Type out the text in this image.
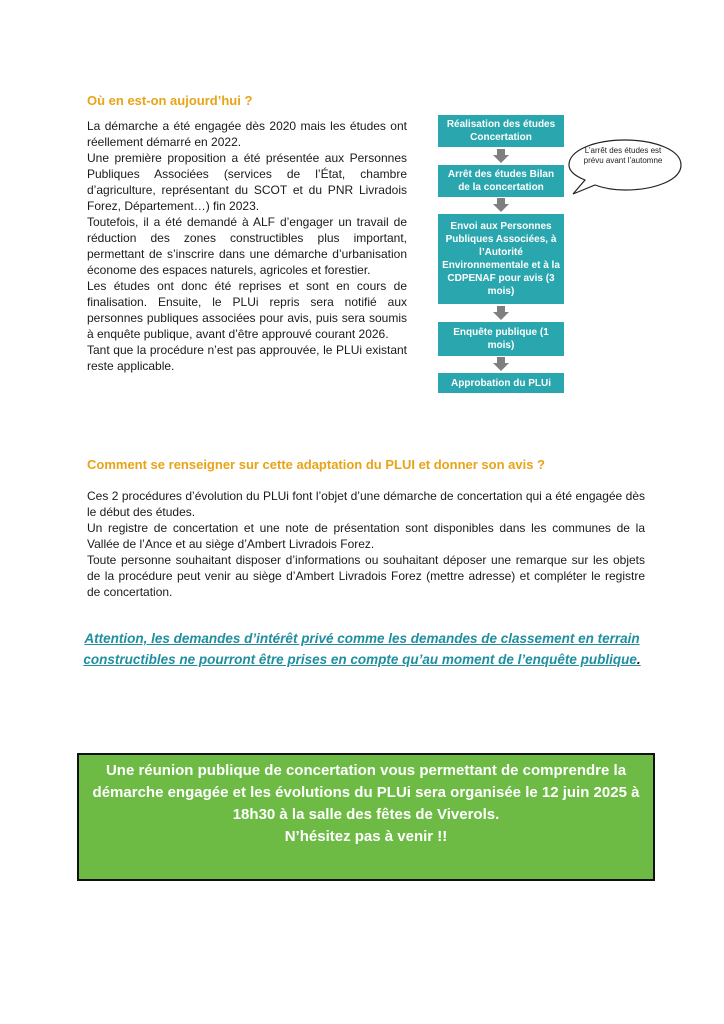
Où en est-on aujourd’hui ?

La démarche a été engagée dès 2020 mais les études ont réellement démarré en 2022.

Une première proposition a été présentée aux Personnes Publiques Associées (services de l’État, chambre d’agriculture, représentant du SCOT et du PNR Livradois Forez, Département…) fin 2023.

Toutefois, il a été demandé à ALF d’engager un travail de réduction des zones constructibles plus important, permettant de s’inscrire dans une démarche d’urbanisation économe des espaces naturels, agricoles et forestier.

Les études ont donc été reprises et sont en cours de finalisation. Ensuite, le PLUi repris sera notifié aux personnes publiques associées pour avis, puis sera soumis à enquête publique, avant d’être approuvé courant 2026.

Tant que la procédure n’est pas approuvée, le PLUi existant reste applicable.

Réalisation des études Concertation
Arrêt des études Bilan de la concertation
Envoi aux Personnes Publiques Associées, à l’Autorité Environnementale et à la CDPENAF pour avis (3 mois)
Enquête publique (1 mois)
Approbation du PLUi
L’arrêt des études est prévu avant l’automne
Comment se renseigner sur cette adaptation du PLUI et donner son avis ?

Ces 2 procédures d’évolution du PLUi font l’objet d’une démarche de concertation qui a été engagée dès le début des études.

Un registre de concertation et une note de présentation sont disponibles dans les communes de la Vallée de l’Ance et au siège d’Ambert Livradois Forez.

Toute personne souhaitant disposer d’informations ou souhaitant déposer une remarque sur les objets de la procédure peut venir au siège d’Ambert Livradois Forez (mettre adresse) et compléter le registre de concertation.

Attention, les demandes d’intérêt privé comme les demandes de classement en terrain constructibles ne pourront être prises en compte qu’au moment de l’enquête publique.

Une réunion publique de concertation vous permettant de comprendre la démarche engagée et les évolutions du PLUi sera organisée le 12 juin 2025 à 18h30 à la salle des fêtes de Viverols.

N’hésitez pas à venir !!
